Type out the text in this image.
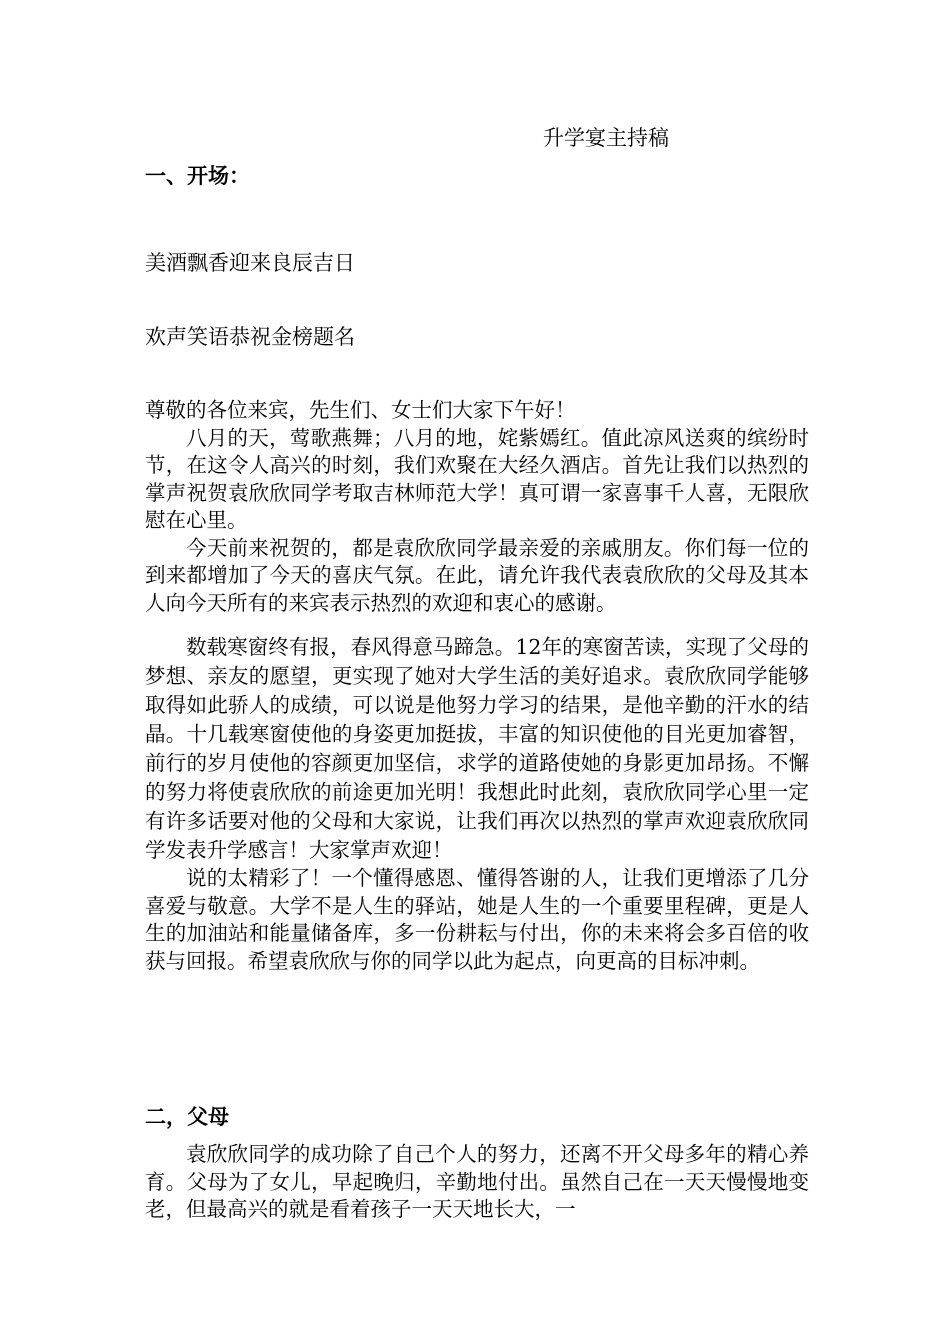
升学宴主持稿
一、开场：
美酒飘香迎来良辰吉日
欢声笑语恭祝金榜题名

尊敬的各位来宾，先生们、女士们大家下午好！

八月的天，莺歌燕舞；八月的地，姹紫嫣红。值此凉风送爽的缤纷时节，在这令人高兴的时刻，我们欢聚在大经久酒店。首先让我们以热烈的掌声祝贺袁欣欣同学考取吉林师范大学！真可谓一家喜事千人喜，无限欣慰在心里。

今天前来祝贺的，都是袁欣欣同学最亲爱的亲戚朋友。你们每一位的到来都增加了今天的喜庆气氛。在此，请允许我代表袁欣欣的父母及其本人向今天所有的来宾表示热烈的欢迎和衷心的感谢。

数载寒窗终有报，春风得意马蹄急。12年的寒窗苦读，实现了父母的梦想、亲友的愿望，更实现了她对大学生活的美好追求。袁欣欣同学能够取得如此骄人的成绩，可以说是他努力学习的结果，是他辛勤的汗水的结晶。十几载寒窗使他的身姿更加挺拔，丰富的知识使他的目光更加睿智，前行的岁月使他的容颜更加坚信，求学的道路使她的身影更加昂扬。不懈的努力将使袁欣欣的前途更加光明！我想此时此刻，袁欣欣同学心里一定有许多话要对他的父母和大家说，让我们再次以热烈的掌声欢迎袁欣欣同学发表升学感言！大家掌声欢迎！

说的太精彩了！一个懂得感恩、懂得答谢的人，让我们更增添了几分喜爱与敬意。大学不是人生的驿站，她是人生的一个重要里程碑，更是人生的加油站和能量储备库，多一份耕耘与付出，你的未来将会多百倍的收获与回报。希望袁欣欣与你的同学以此为起点，向更高的目标冲刺。

二，父母

袁欣欣同学的成功除了自己个人的努力，还离不开父母多年的精心养育。父母为了女儿，早起晚归，辛勤地付出。虽然自己在一天天慢慢地变老，但最高兴的就是看着孩子一天天地长大，一
